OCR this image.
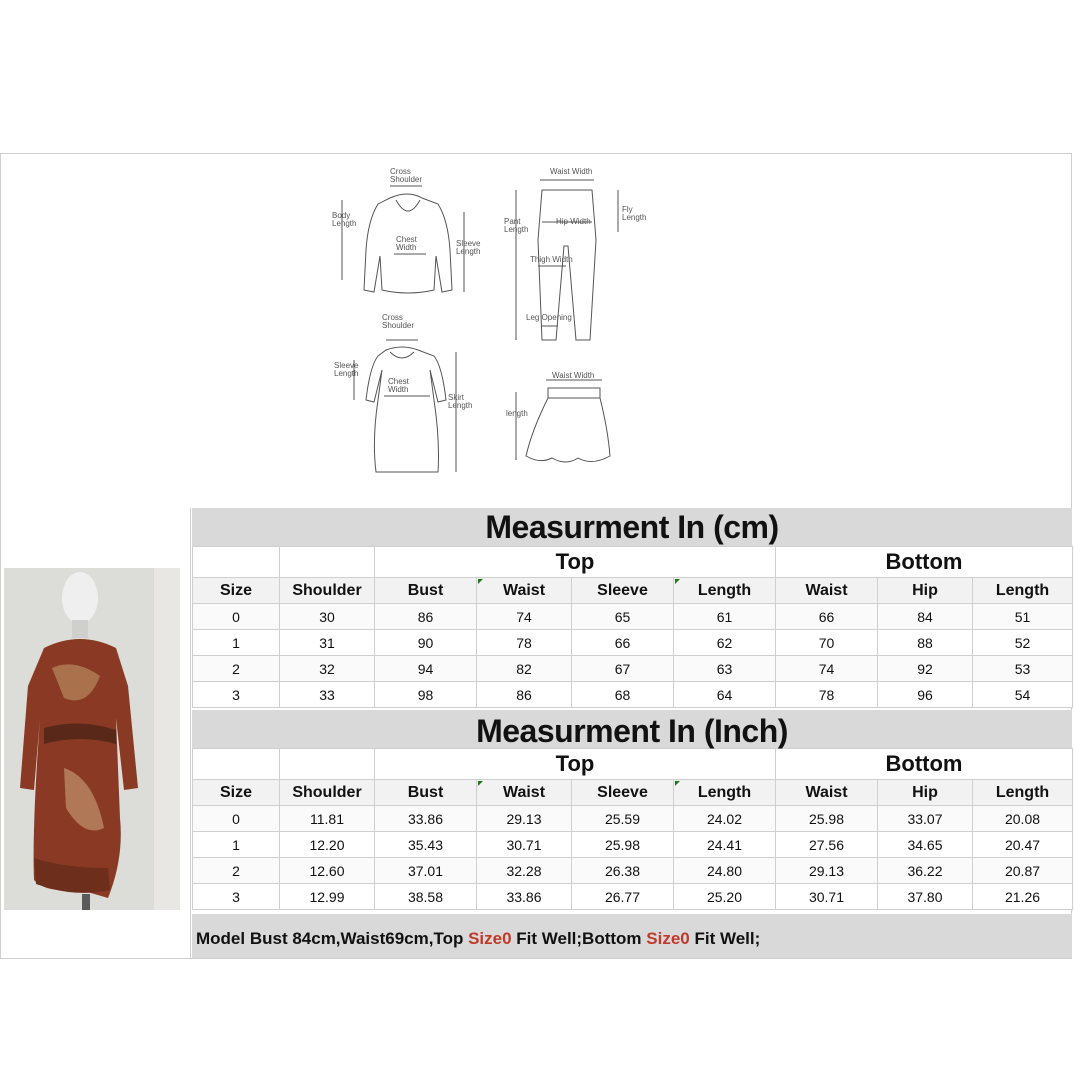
Cross
Shoulder
Body
Length
Chest
Width	Sleeve
Length
Waist Width
Fly
Length
Pant
Length
Hip Width
Thigh Width
Leg Opening
Cross
Shoulder
Sleeve
Length
Chest
Width
Skirt
Length
Waist Width
length
Measurment In (cm)
		Top				Bottom		
Size	Shoulder	Bust	Waist	Sleeve	Length	Waist	Hip	Length
0	30	86	74	65	61	66	84	51
1	31	90	78	66	62	70	88	52
2	32	94	82	67	63	74	92	53
3	33	98	86	68	64	78	96	54
Measurment In (Inch)
		Top				Bottom		
Size	Shoulder	Bust	Waist	Sleeve	Length	Waist	Hip	Length
0	11.81	33.86	29.13	25.59	24.02	25.98	33.07	20.08
1	12.20	35.43	30.71	25.98	24.41	27.56	34.65	20.47
2	12.60	37.01	32.28	26.38	24.80	29.13	36.22	20.87
3	12.99	38.58	33.86	26.77	25.20	30.71	37.80	21.26
Model Bust 84cm,Waist69cm,Top Size0 Fit Well;Bottom Size0 Fit Well;
